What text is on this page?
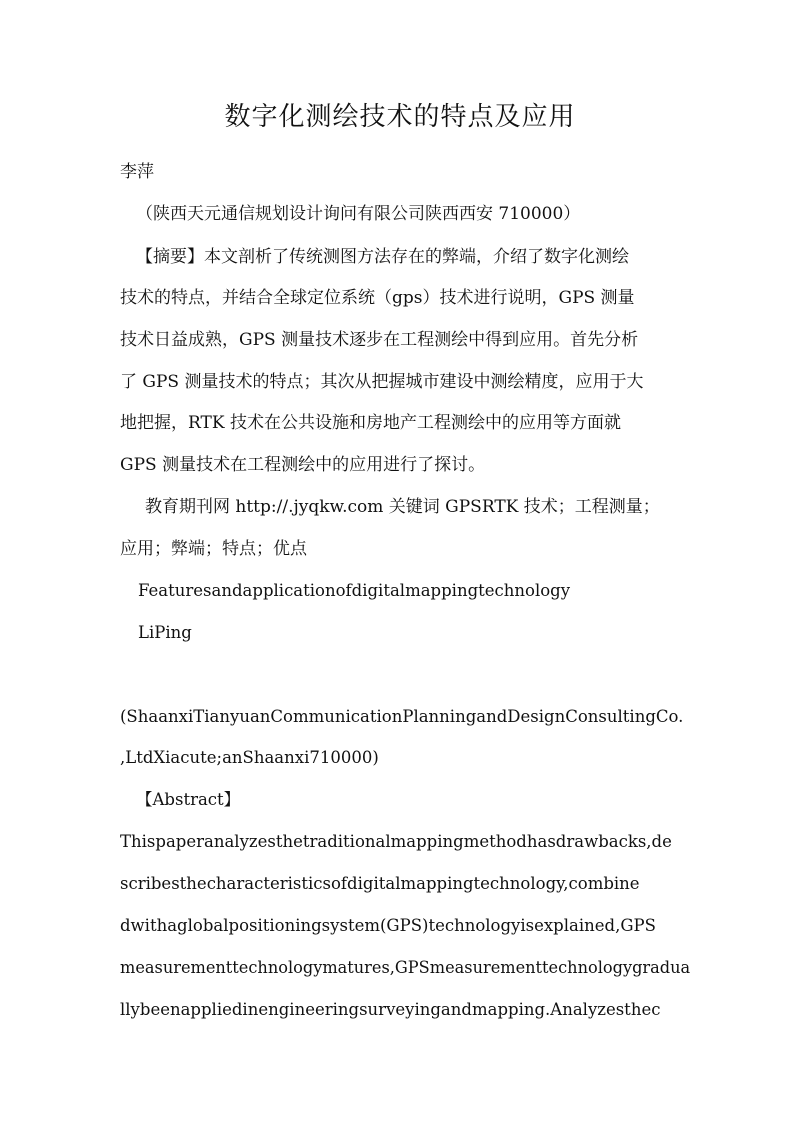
数字化测绘技术的特点及应用
李萍
（陕西天元通信规划设计询问有限公司陕西西安 710000）
【摘要】本文剖析了传统测图方法存在的弊端，介绍了数字化测绘
技术的特点，并结合全球定位系统（gps）技术进行说明，GPS 测量
技术日益成熟，GPS 测量技术逐步在工程测绘中得到应用。首先分析
了 GPS 测量技术的特点；其次从把握城市建设中测绘精度，应用于大
地把握，RTK 技术在公共设施和房地产工程测绘中的应用等方面就
GPS 测量技术在工程测绘中的应用进行了探讨。
教育期刊网 http://.jyqkw.com 关键词 GPSRTK 技术；工程测量；
应用；弊端；特点；优点
Featuresandapplicationofdigitalmappingtechnology
LiPing
(ShaanxiTianyuanCommunicationPlanningandDesignConsultingCo.
,LtdXiacute;anShaanxi710000)
【Abstract】
Thispaperanalyzesthetraditionalmappingmethodhasdrawbacks,de
scribesthecharacteristicsofdigitalmappingtechnology,combine
dwithaglobalpositioningsystem(GPS)technologyisexplained,GPS
measurementtechnologymatures,GPSmeasurementtechnologygradua
llybeenappliedinengineeringsurveyingandmapping.Analyzesthec
